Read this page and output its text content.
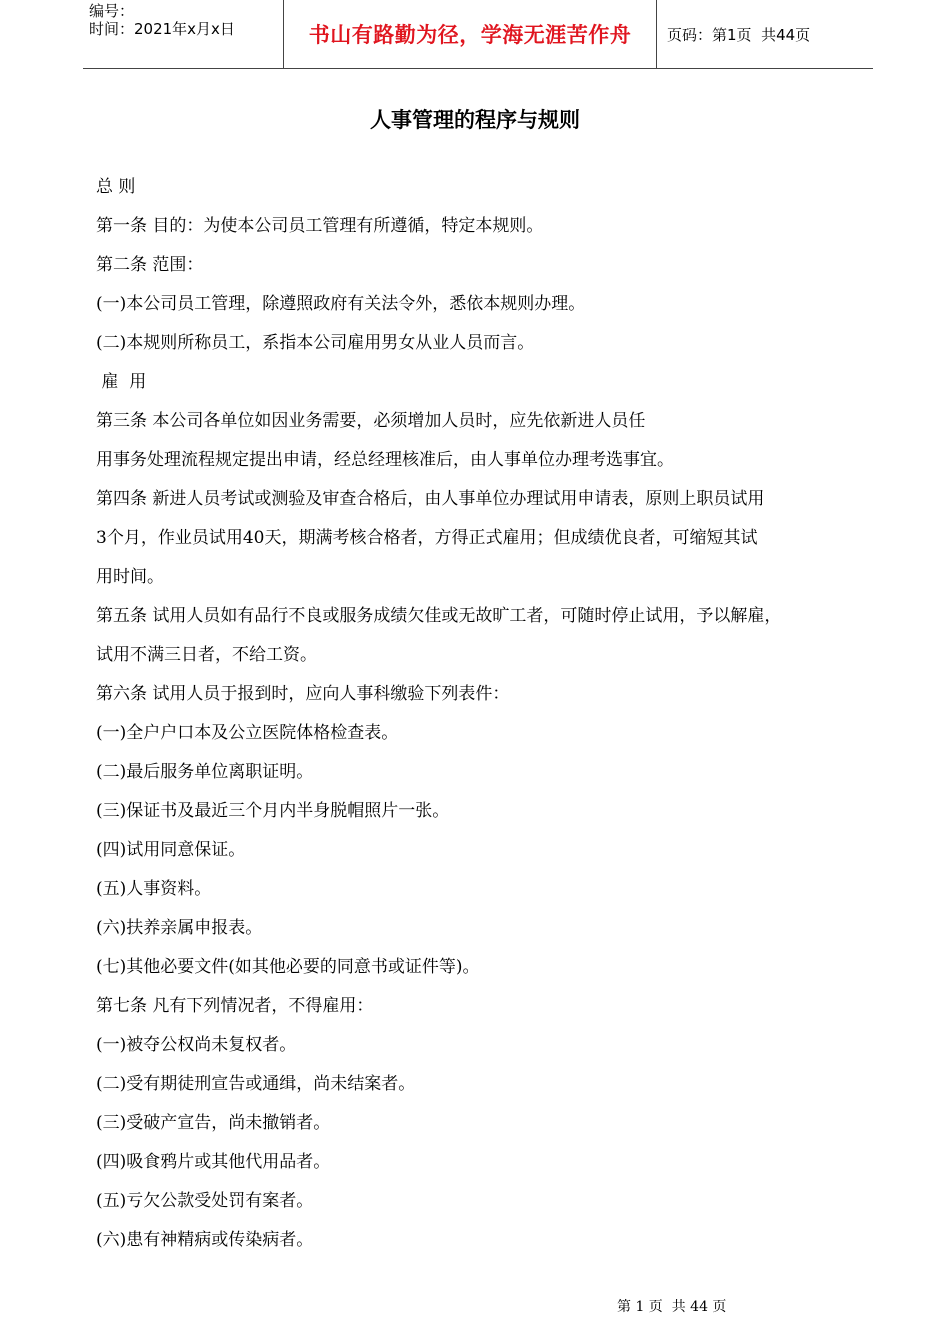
编号：
时间：2021年x月x日	书山有路勤为径，学海无涯苦作舟	页码：第1页  共44页
人事管理的程序与规则
总 则
第一条 目的：为使本公司员工管理有所遵循，特定本规则。
第二条 范围：
(一)本公司员工管理，除遵照政府有关法令外，悉依本规则办理。
(二)本规则所称员工，系指本公司雇用男女从业人员而言。
雇  用
第三条 本公司各单位如因业务需要，必须增加人员时，应先依新进人员任
用事务处理流程规定提出申请，经总经理核准后，由人事单位办理考选事宜。
第四条 新进人员考试或测验及审查合格后，由人事单位办理试用申请表，原则上职员试用
3个月，作业员试用40天，期满考核合格者，方得正式雇用；但成绩优良者，可缩短其试
用时间。
第五条 试用人员如有品行不良或服务成绩欠佳或无故旷工者，可随时停止试用，予以解雇，
试用不满三日者，不给工资。
第六条 试用人员于报到时，应向人事科缴验下列表件：
(一)全户户口本及公立医院体格检查表。
(二)最后服务单位离职证明。
(三)保证书及最近三个月内半身脱帽照片一张。
(四)试用同意保证。
(五)人事资料。
(六)扶养亲属申报表。
(七)其他必要文件(如其他必要的同意书或证件等)。
第七条 凡有下列情况者，不得雇用：
(一)被夺公权尚未复权者。
(二)受有期徒刑宣告或通缉，尚未结案者。
(三)受破产宣告，尚未撤销者。
(四)吸食鸦片或其他代用品者。
(五)亏欠公款受处罚有案者。
(六)患有神精病或传染病者。
第 1 页  共 44 页
